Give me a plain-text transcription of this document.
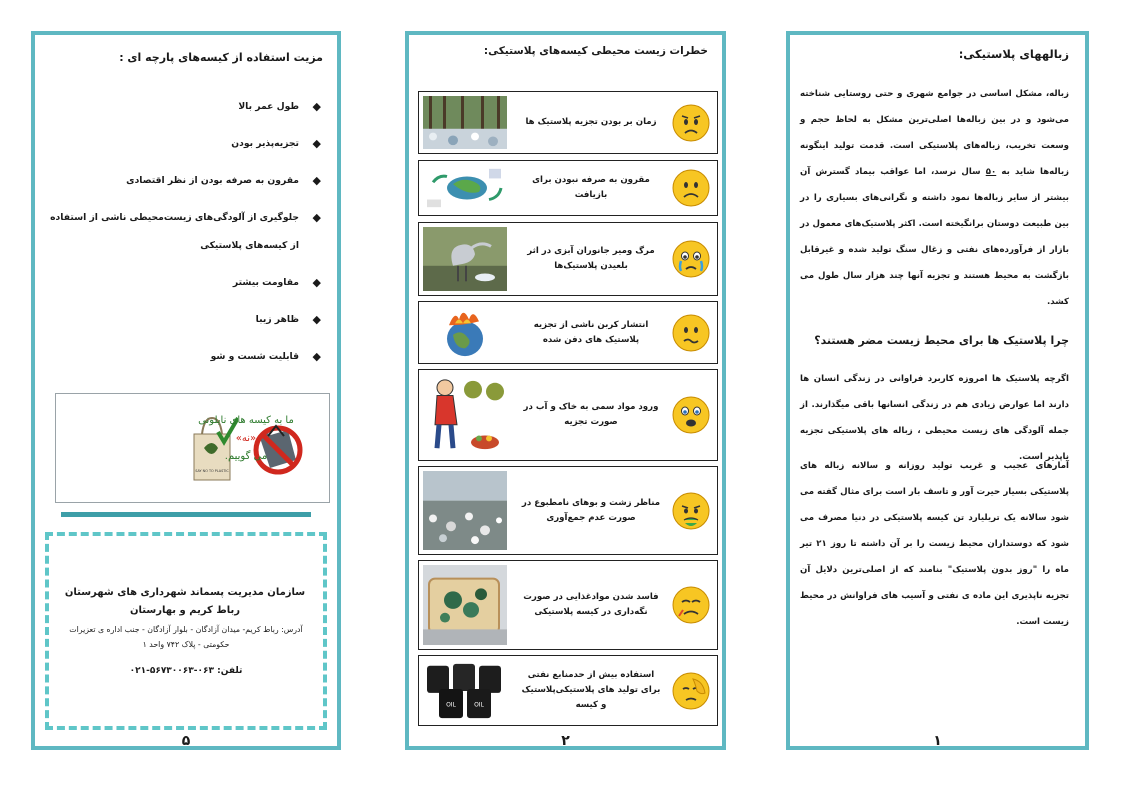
مزیت استفاده از کیسه‌های پارچه ای :
◆
طول عمر بالا
◆
تجزیه‌پذیر بودن
◆
مقرون به صرفه بودن از نظر اقتصادی
◆
جلوگیری از آلودگی‌های زیست‌محیطی ناشی از استفاده از کیسه‌های پلاستیکی
◆
مقاومت بیشتر
◆
ظاهر زیبا
◆
قابلیت شست و شو
SAY NO TO PLASTIC
ما به کیسه های نایلونی
«نه»
می گوییم.
سازمان مدیریت پسماند شهرداری های شهرستان رباط کریم و بهارستان
آدرس: رباط کریم- میدان آزادگان - بلوار آزادگان - جنب اداره ی تعزیرات حکومتی - پلاک ۷۴۲ واحد ۱
تلفن: ۰۶۳-۵۶۷۳۰۰۶۳-۰۲۱
۵
خطرات زیست محیطی کیسه‌های پلاستیکی:
زمان بر بودن تجزیه پلاستیک ها
مقرون به صرفه نبودن برای بازیافت
مرگ ومیر جانوران آبزی در اثر بلعیدن پلاستیک‌ها
انتشار کربن ناشی از تجزیه پلاستیک های دفن شده
ورود مواد سمی به خاک و آب در صورت تجزیه
مناظر زشت و بوهای نامطبوع در صورت عدم جمع‌آوری
فاسد شدن موادغذایی در صورت نگه‌داری در کیسه پلاستیکی
استفاده بیش از حدمنابع نفتی برای تولید های پلاستیکی‌پلاستیک و کیسه
OIL	OIL
۲
زبالههای پلاستیکی:
زباله، مشکل اساسی در جوامع شهری و حتی روستایی شناخته می‌شود و در بین زباله‌ها اصلی‌ترین مشکل به لحاظ حجم و وسعت تخریب، زباله‌های پلاستیکی است. قدمت تولید اینگونه زباله‌ها شاید به ۵۰ سال نرسد، اما عواقب بیماد گسترش آن بیشتر از سایر زباله‌ها نمود داشته و نگرانی‌های بسیاری را در بین طبیعت دوستان برانگیخته است. اکثر پلاستیک‌های معمول در بازار از فرآورده‌های نفتی و زغال سنگ تولید شده و غیرقابل بازگشت به محیط هستند و تجزیه آنها چند هزار سال طول می کشد.
چرا پلاستیک ها برای محیط زیست مضر هستند؟
اگرچه پلاستیک ها امروزه کاربرد فراوانی در زندگی انسان ها دارند اما عوارض زیادی هم در زندگی انسانها باقی میگذارند. از جمله آلودگی های زیست محیطی ، زباله های پلاستیکی تجزیه ناپذیر است.
آمارهای عجیب و غریب تولید روزانه و سالانه زباله های پلاستیکی بسیار حیرت آور و تاسف بار است برای مثال گفته می شود سالانه یک تریلیارد تن کیسه پلاستیکی در دنیا مصرف می شود که دوستداران محیط زیست را بر آن داشته تا روز ۲۱ تیر ماه را "روز بدون پلاستیک" بنامند که از اصلی‌ترین دلایل آن تجزیه ناپذیری این ماده ی نفتی و آسیب های فراوانش در محیط زیست است.
۱
